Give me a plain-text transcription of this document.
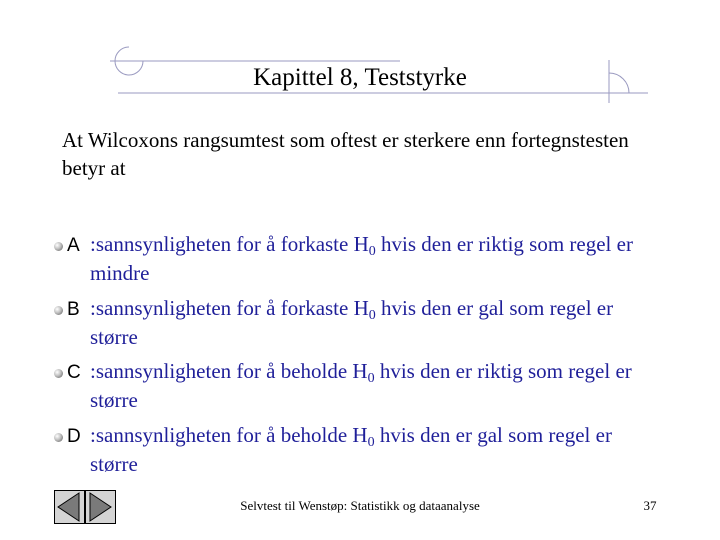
Kapittel 8, Teststyrke
At Wilcoxons rangsumtest som oftest er sterkere enn fortegnstesten betyr at
A :sannsynligheten for å forkaste $H_0$ hvis den er riktig som regel er mindre
B :sannsynligheten for å forkaste $H_0$ hvis den er gal som regel er større
C :sannsynligheten for å beholde $H_0$ hvis den er riktig som regel er større
D :sannsynligheten for å beholde $H_0$ hvis den er gal som regel er større
Selvtest til Wenstøp: Statistikk og dataanalyse	37
